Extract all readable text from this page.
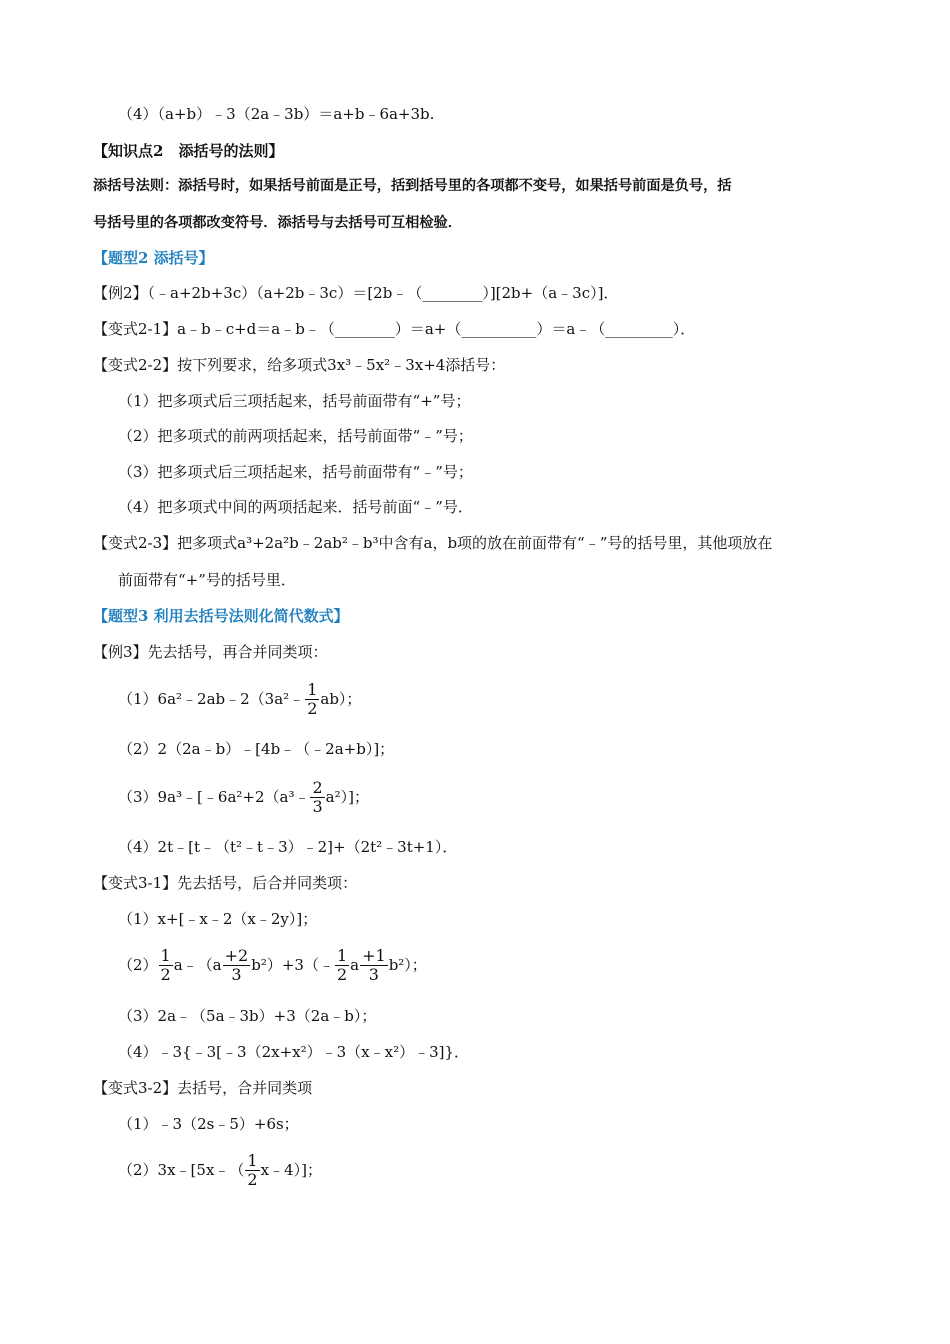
（4）（a+b）﹣3（2a﹣3b）＝a+b﹣6a+3b.
【知识点2　添括号的法则】
添括号法则：添括号时，如果括号前面是正号，括到括号里的各项都不变号，如果括号前面是负号，括
号括号里的各项都改变符号．添括号与去括号可互相检验．
【题型2 添括号】
【例2】（﹣a+2b+3c）（a+2b﹣3c）＝[2b﹣（________）][2b+（a﹣3c）]．
【变式2-1】a﹣b﹣c+d＝a﹣b﹣（________）＝a+（__________）＝a﹣（_________）．
【变式2-2】按下列要求，给多项式3x³﹣5x²﹣3x+4添括号：
（1）把多项式后三项括起来，括号前面带有“+”号；
（2）把多项式的前两项括起来，括号前面带“﹣”号；
（3）把多项式后三项括起来，括号前面带有“﹣”号；
（4）把多项式中间的两项括起来．括号前面“﹣”号．
【变式2-3】把多项式a³+2a²b﹣2ab²﹣b³中含有a，b项的放在前面带有“﹣”号的括号里，其他项放在
前面带有“+”号的括号里．
【题型3 利用去括号法则化简代数式】
【例3】先去括号，再合并同类项：
（1）6a²﹣2ab﹣2（3a²﹣ $\frac{1}{2} ab$）；
（2）2（2a﹣b）﹣[4b﹣（﹣2a+b）]；
（3）9a³﹣[﹣6a²+2（a³﹣ $\frac{2}{3} a^2$）]；
（4）2t﹣[t﹣（t²﹣t﹣3）﹣2]+（2t²﹣3t+1）．
【变式3-1】先去括号，后合并同类项：
（1）x+[﹣x﹣2（x﹣2y）]；
$(2) \frac{1}{2}$ a﹣（a $\frac{+2}{3}$ b²）+3（﹣ $\frac{1}{2}$ a $\frac{+1}{3} b^2$）；
（3）2a﹣（5a﹣3b）+3（2a﹣b）；
（4）﹣3{﹣3[﹣3（2x+x²）﹣3（x﹣x²）﹣3]}．
【变式3-2】去括号，合并同类项
（1）﹣3（2s﹣5）+6s；
（2）3x﹣[5x﹣（ $\frac{1}{2}$ x﹣4）]；
